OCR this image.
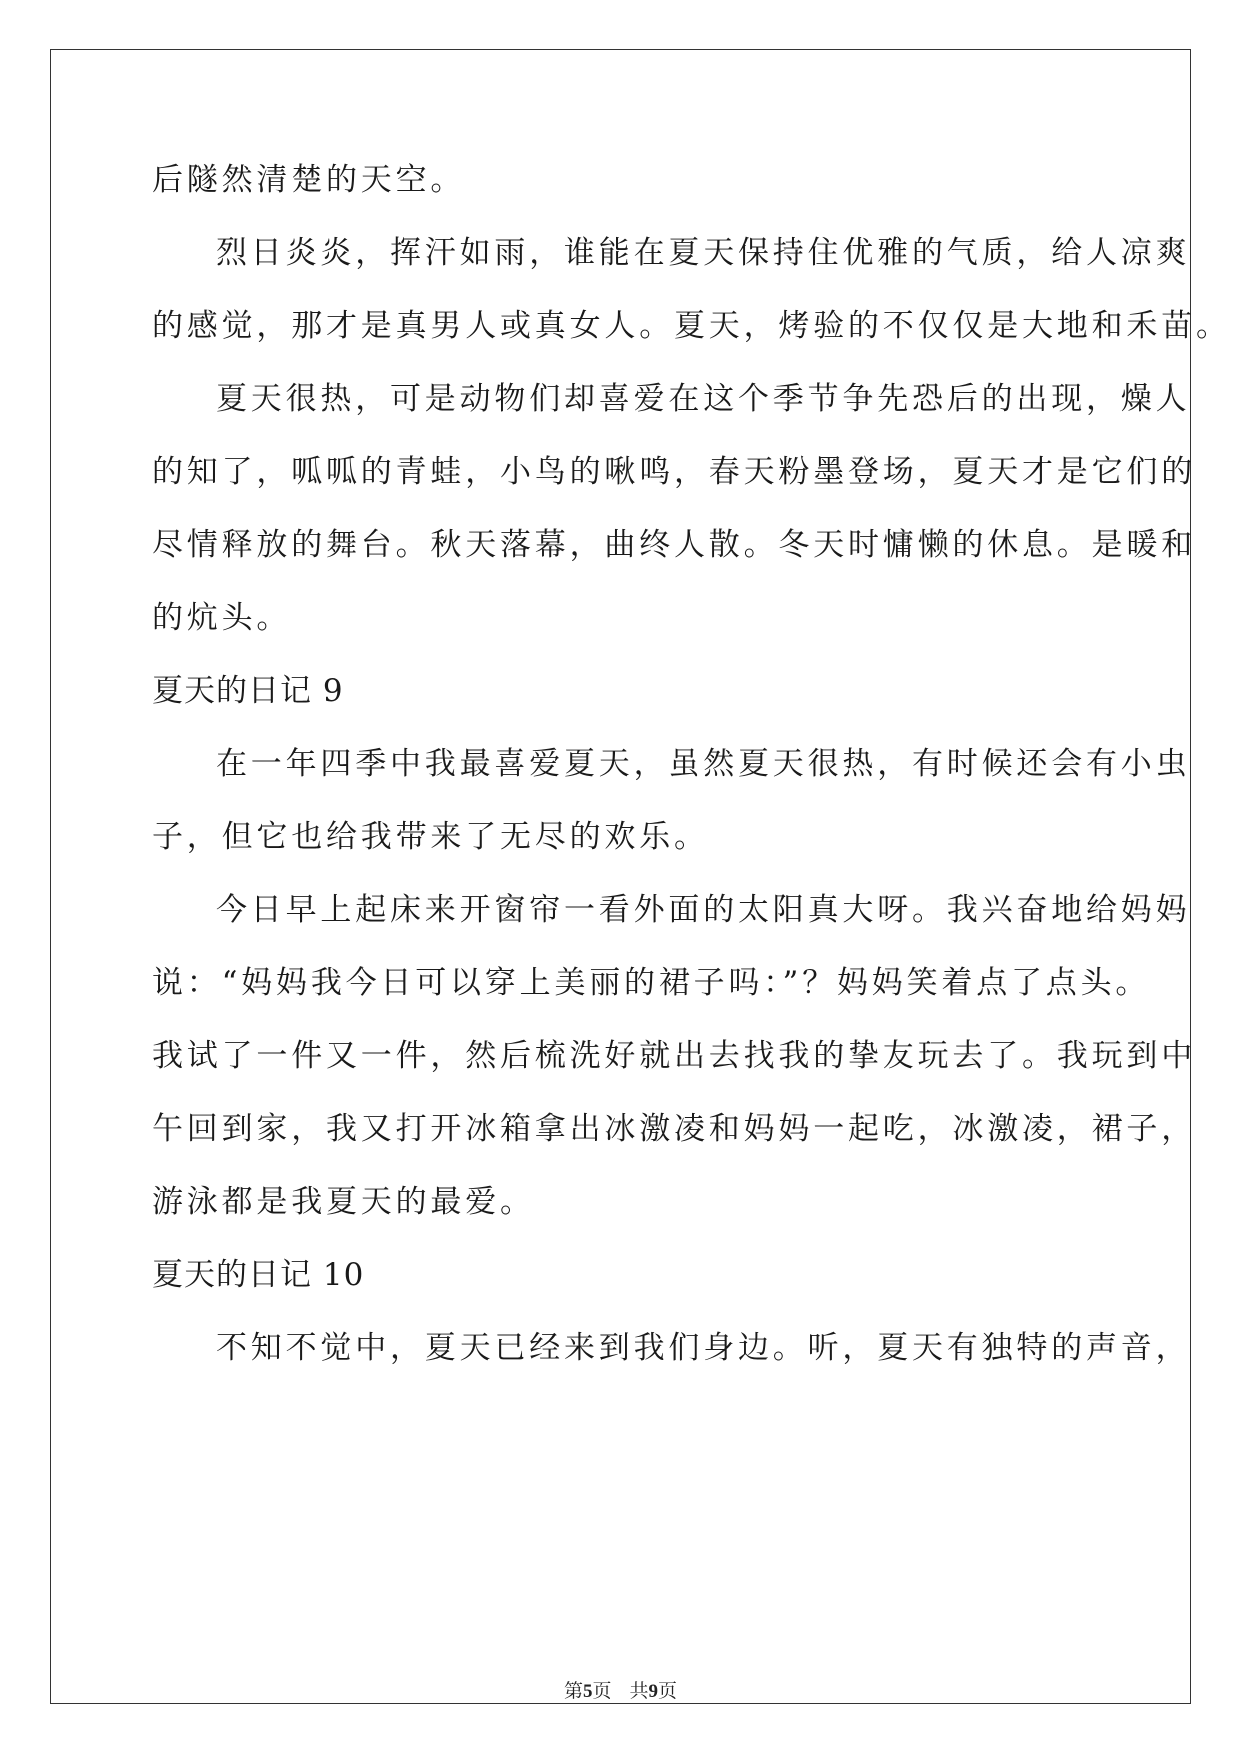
后隧然清楚的天空。
烈日炎炎，挥汗如雨，谁能在夏天保持住优雅的气质，给人凉爽
的感觉，那才是真男人或真女人。夏天，烤验的不仅仅是大地和禾苗。
夏天很热，可是动物们却喜爱在这个季节争先恐后的出现，燥人
的知了，呱呱的青蛙，小鸟的啾鸣，春天粉墨登场，夏天才是它们的
尽情释放的舞台。秋天落幕，曲终人散。冬天时慵懒的休息。是暖和
的炕头。
夏天的日记 9
在一年四季中我最喜爱夏天，虽然夏天很热，有时候还会有小虫
子，但它也给我带来了无尽的欢乐。
今日早上起床来开窗帘一看外面的太阳真大呀。我兴奋地给妈妈
说：“妈妈我今日可以穿上美丽的裙子吗：”？妈妈笑着点了点头。
我试了一件又一件，然后梳洗好就出去找我的挚友玩去了。我玩到中
午回到家，我又打开冰箱拿出冰激凌和妈妈一起吃，冰激凌，裙子，
游泳都是我夏天的最爱。
夏天的日记 10
不知不觉中，夏天已经来到我们身边。听，夏天有独特的声音，
第5页 共9页
